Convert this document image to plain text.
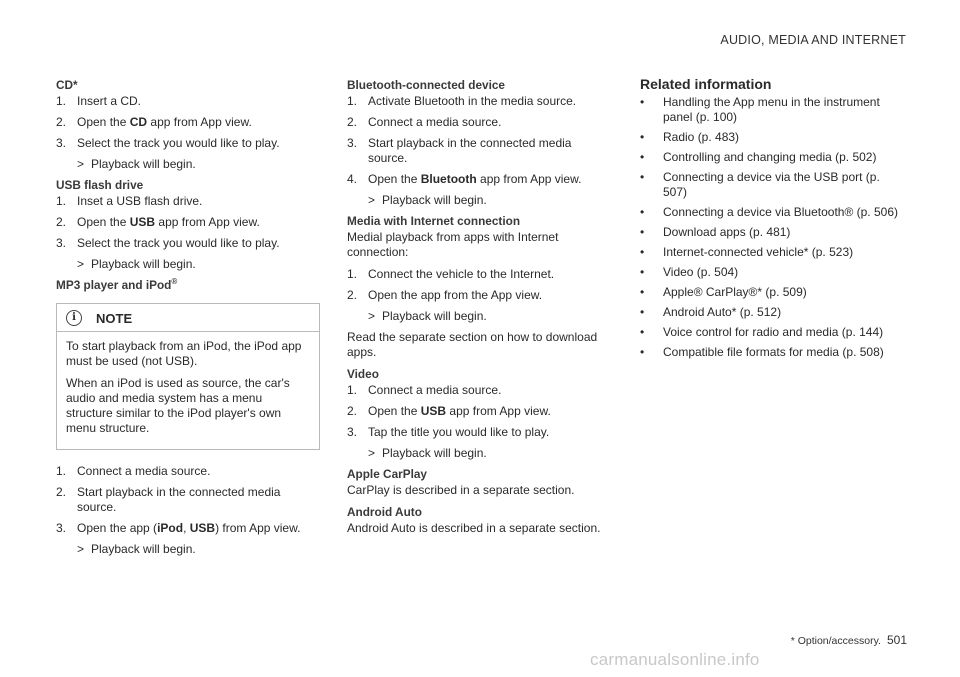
AUDIO, MEDIA AND INTERNET
CD*
1. Insert a CD.
2. Open the CD app from App view.
3. Select the track you would like to play.
> Playback will begin.
USB flash drive
1. Inset a USB flash drive.
2. Open the USB app from App view.
3. Select the track you would like to play.
> Playback will begin.
MP3 player and iPod®
i	NOTE

To start playback from an iPod, the iPod app must be used (not USB).

When an iPod is used as source, the car's audio and media system has a menu structure similar to the iPod player's own menu structure.

1. Connect a media source.
2. Start playback in the connected media source.
3. Open the app (iPod, USB) from App view.
> Playback will begin.
Bluetooth-connected device
1. Activate Bluetooth in the media source.
2. Connect a media source.
3. Start playback in the connected media source.
4. Open the Bluetooth app from App view.
> Playback will begin.
Media with Internet connection
Medial playback from apps with Internet connection:
1. Connect the vehicle to the Internet.
2. Open the app from the App view.
> Playback will begin.
Read the separate section on how to download apps.
Video
1. Connect a media source.
2. Open the USB app from App view.
3. Tap the title you would like to play.
> Playback will begin.
Apple CarPlay
CarPlay is described in a separate section.
Android Auto
Android Auto is described in a separate section.
Related information
•	Handling the App menu in the instrument panel (p. 100)
•	Radio (p. 483)
•	Controlling and changing media (p. 502)
•	Connecting a device via the USB port (p. 507)
•	Connecting a device via Bluetooth® (p. 506)
•	Download apps (p. 481)
•	Internet-connected vehicle* (p. 523)
•	Video (p. 504)
•	Apple® CarPlay®* (p. 509)
•	Android Auto* (p. 512)
•	Voice control for radio and media (p. 144)
•	Compatible file formats for media (p. 508)
* Option/accessory. 501
carmanualsonline.info
